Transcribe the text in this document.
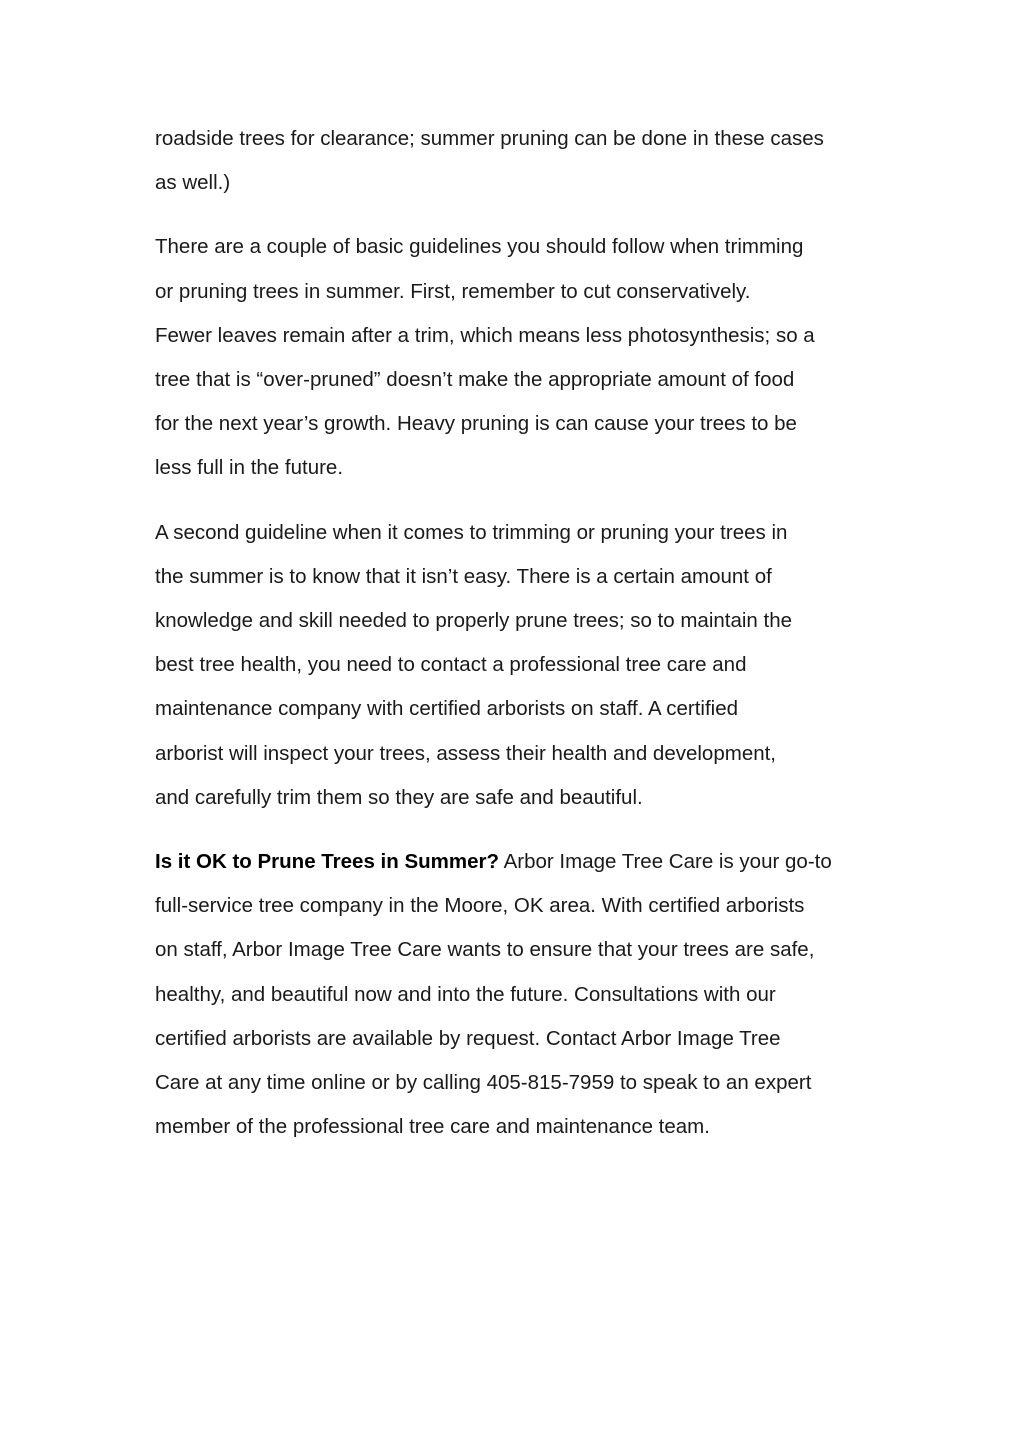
roadside trees for clearance; summer pruning can be done in these cases
as well.)

There are a couple of basic guidelines you should follow when trimming
or pruning trees in summer. First, remember to cut conservatively.
Fewer leaves remain after a trim, which means less photosynthesis; so a
tree that is “over-pruned” doesn’t make the appropriate amount of food
for the next year’s growth. Heavy pruning is can cause your trees to be
less full in the future.

A second guideline when it comes to trimming or pruning your trees in
the summer is to know that it isn’t easy. There is a certain amount of
knowledge and skill needed to properly prune trees; so to maintain the
best tree health, you need to contact a professional tree care and
maintenance company with certified arborists on staff. A certified
arborist will inspect your trees, assess their health and development,
and carefully trim them so they are safe and beautiful.

Is it OK to Prune Trees in Summer? Arbor Image Tree Care is your go-to
full-service tree company in the Moore, OK area. With certified arborists
on staff, Arbor Image Tree Care wants to ensure that your trees are safe,
healthy, and beautiful now and into the future. Consultations with our
certified arborists are available by request. Contact Arbor Image Tree
Care at any time online or by calling 405-815-7959 to speak to an expert
member of the professional tree care and maintenance team.
